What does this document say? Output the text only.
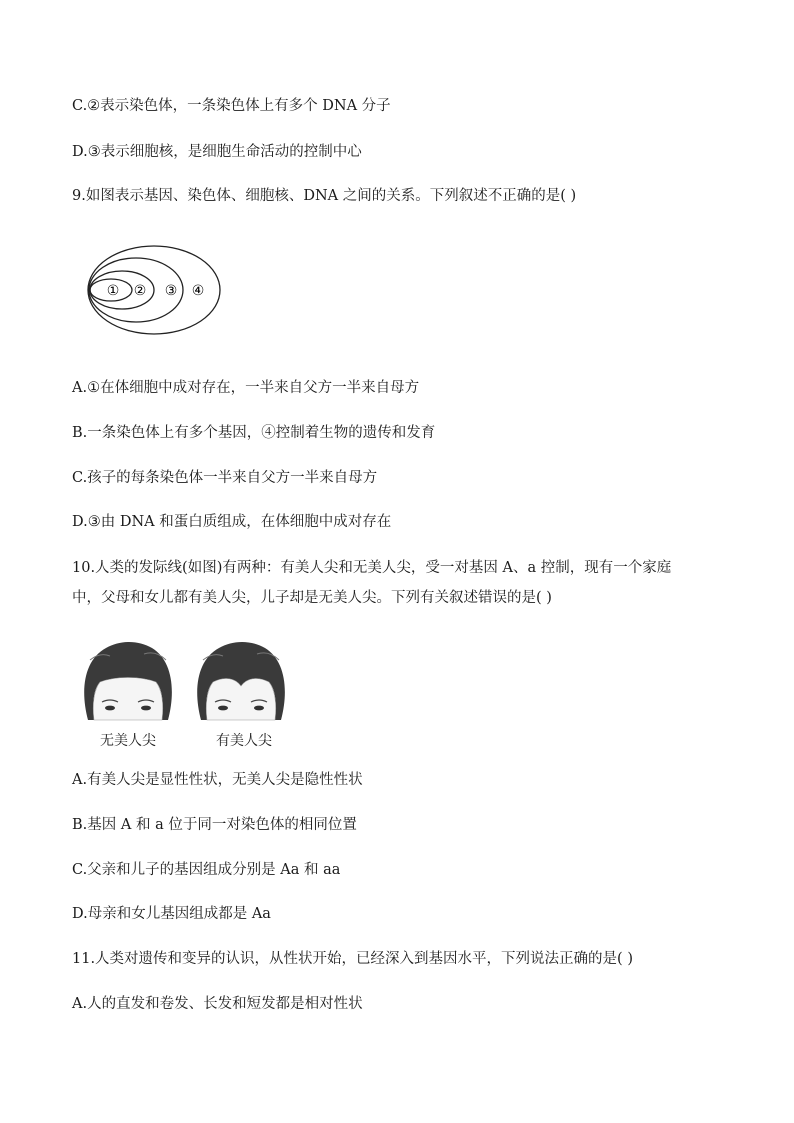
C.②表示染色体，一条染色体上有多个 DNA 分子
D.③表示细胞核，是细胞生命活动的控制中心
9.如图表示基因、染色体、细胞核、DNA 之间的关系。下列叙述不正确的是( )
① ② ③ ④
A.①在体细胞中成对存在，一半来自父方一半来自母方
B.一条染色体上有多个基因，④控制着生物的遗传和发育
C.孩子的每条染色体一半来自父方一半来自母方
D.③由 DNA 和蛋白质组成，在体细胞中成对存在
10.人类的发际线(如图)有两种：有美人尖和无美人尖，受一对基因 A、a 控制，现有一个家庭
中，父母和女儿都有美人尖，儿子却是无美人尖。下列有关叙述错误的是( )
无美人尖	有美人尖
A.有美人尖是显性性状，无美人尖是隐性性状
B.基因 A 和 a 位于同一对染色体的相同位置
C.父亲和儿子的基因组成分别是 Aa 和 aa
D.母亲和女儿基因组成都是 Aa
11.人类对遗传和变异的认识，从性状开始，已经深入到基因水平，下列说法正确的是( )
A.人的直发和卷发、长发和短发都是相对性状
